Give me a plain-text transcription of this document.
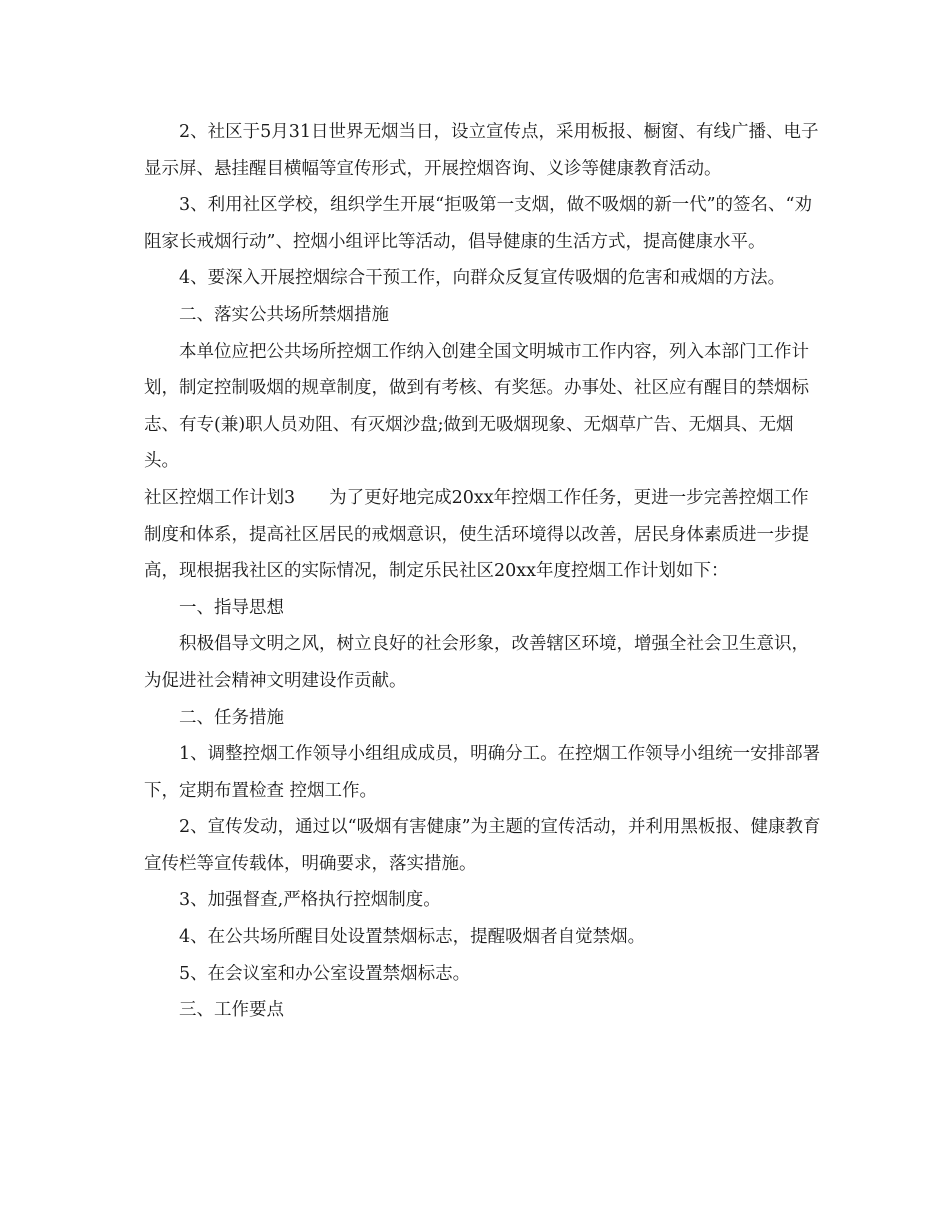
2、社区于5月31日世界无烟当日，设立宣传点，采用板报、橱窗、有线广播、电子显示屏、悬挂醒目横幅等宣传形式，开展控烟咨询、义诊等健康教育活动。

3、利用社区学校，组织学生开展“拒吸第一支烟，做不吸烟的新一代”的签名、“劝阻家长戒烟行动”、控烟小组评比等活动，倡导健康的生活方式，提高健康水平。

4、要深入开展控烟综合干预工作，向群众反复宣传吸烟的危害和戒烟的方法。

二、落实公共场所禁烟措施

本单位应把公共场所控烟工作纳入创建全国文明城市工作内容，列入本部门工作计划，制定控制吸烟的规章制度，做到有考核、有奖惩。办事处、社区应有醒目的禁烟标志、有专(兼)职人员劝阻、有灭烟沙盘;做到无吸烟现象、无烟草广告、无烟具、无烟头。

社区控烟工作计划3 为了更好地完成20xx年控烟工作任务，更进一步完善控烟工作制度和体系，提高社区居民的戒烟意识，使生活环境得以改善，居民身体素质进一步提高，现根据我社区的实际情况，制定乐民社区20xx年度控烟工作计划如下：

一、指导思想

积极倡导文明之风，树立良好的社会形象，改善辖区环境，增强全社会卫生意识，为促进社会精神文明建设作贡献。

二、任务措施

1、调整控烟工作领导小组组成成员，明确分工。在控烟工作领导小组统一安排部署下，定期布置检查 控烟工作。

2、宣传发动，通过以“吸烟有害健康”为主题的宣传活动，并利用黑板报、健康教育宣传栏等宣传载体，明确要求，落实措施。

3、加强督查,严格执行控烟制度。

4、在公共场所醒目处设置禁烟标志，提醒吸烟者自觉禁烟。

5、在会议室和办公室设置禁烟标志。

三、工作要点
